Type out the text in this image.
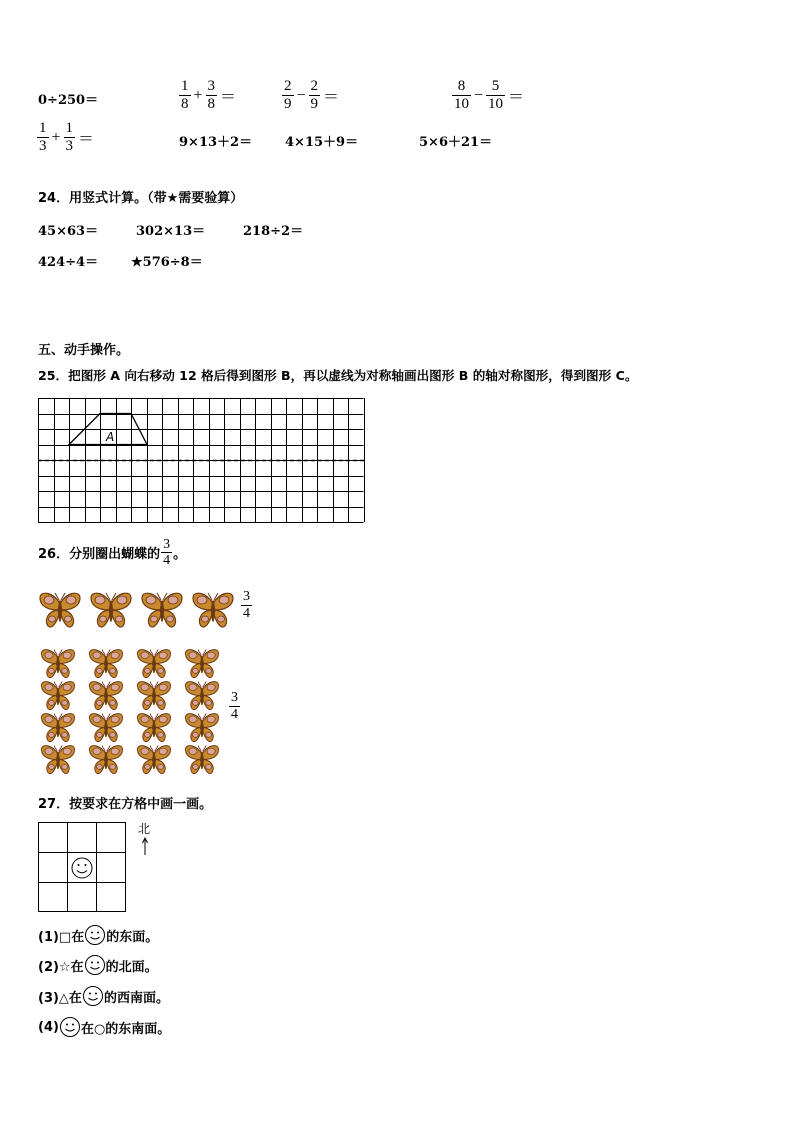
0÷250＝	$\frac{1}{8} + \frac{3}{8}$ ＝	$\frac{2}{9} - \frac{2}{9}$ ＝	$\frac{8}{10} - \frac{5}{10}$ ＝
$\frac{1}{3} + \frac{1}{3}$ ＝	9×13＋2＝	4×15＋9＝	5×6＋21＝
24．用竖式计算。（带★需要验算）
45×63＝	302×13＝	218÷2＝
424÷4＝	★576÷8＝
五、动手操作。
25．把图形 A 向右移动 12 格后得到图形 B，再以虚线为对称轴画出图形 B 的轴对称图形，得到图形 C。
A
26．分别圈出蝴蝶的 $\frac{3}{4}$ 。
$\frac{3}{4}$
$\frac{3}{4}$
27．按要求在方格中画一画。
北
(1)□在 的东面。
(2)☆在 的北面。
(3)△在 的西南面。
(4) 在○的东南面。
